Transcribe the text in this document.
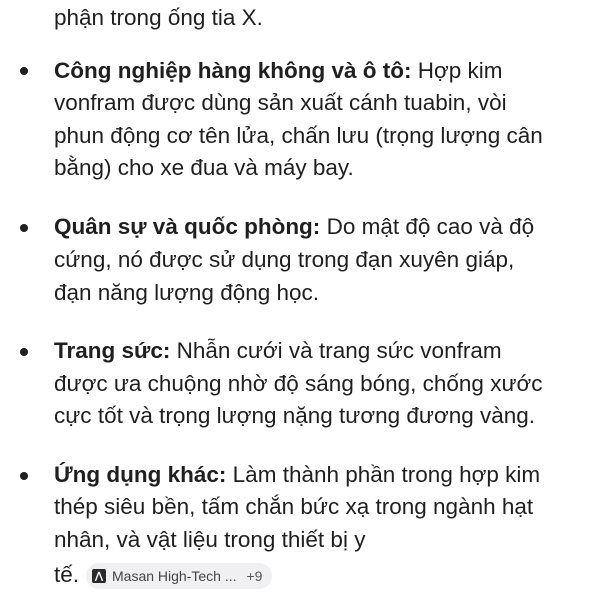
phận trong ống tia X.
Công nghiệp hàng không và ô tô: Hợp kim
vonfram được dùng sản xuất cánh tuabin, vòi
phun động cơ tên lửa, chấn lưu (trọng lượng cân
bằng) cho xe đua và máy bay.
Quân sự và quốc phòng: Do mật độ cao và độ
cứng, nó được sử dụng trong đạn xuyên giáp,
đạn năng lượng động học.
Trang sức: Nhẫn cưới và trang sức vonfram
được ưa chuộng nhờ độ sáng bóng, chống xước
cực tốt và trọng lượng nặng tương đương vàng.
Ứng dụng khác: Làm thành phần trong hợp kim
thép siêu bền, tấm chắn bức xạ trong ngành hạt
nhân, và vật liệu trong thiết bị y
tế. ⋀ Masan High-Tech ... +9
